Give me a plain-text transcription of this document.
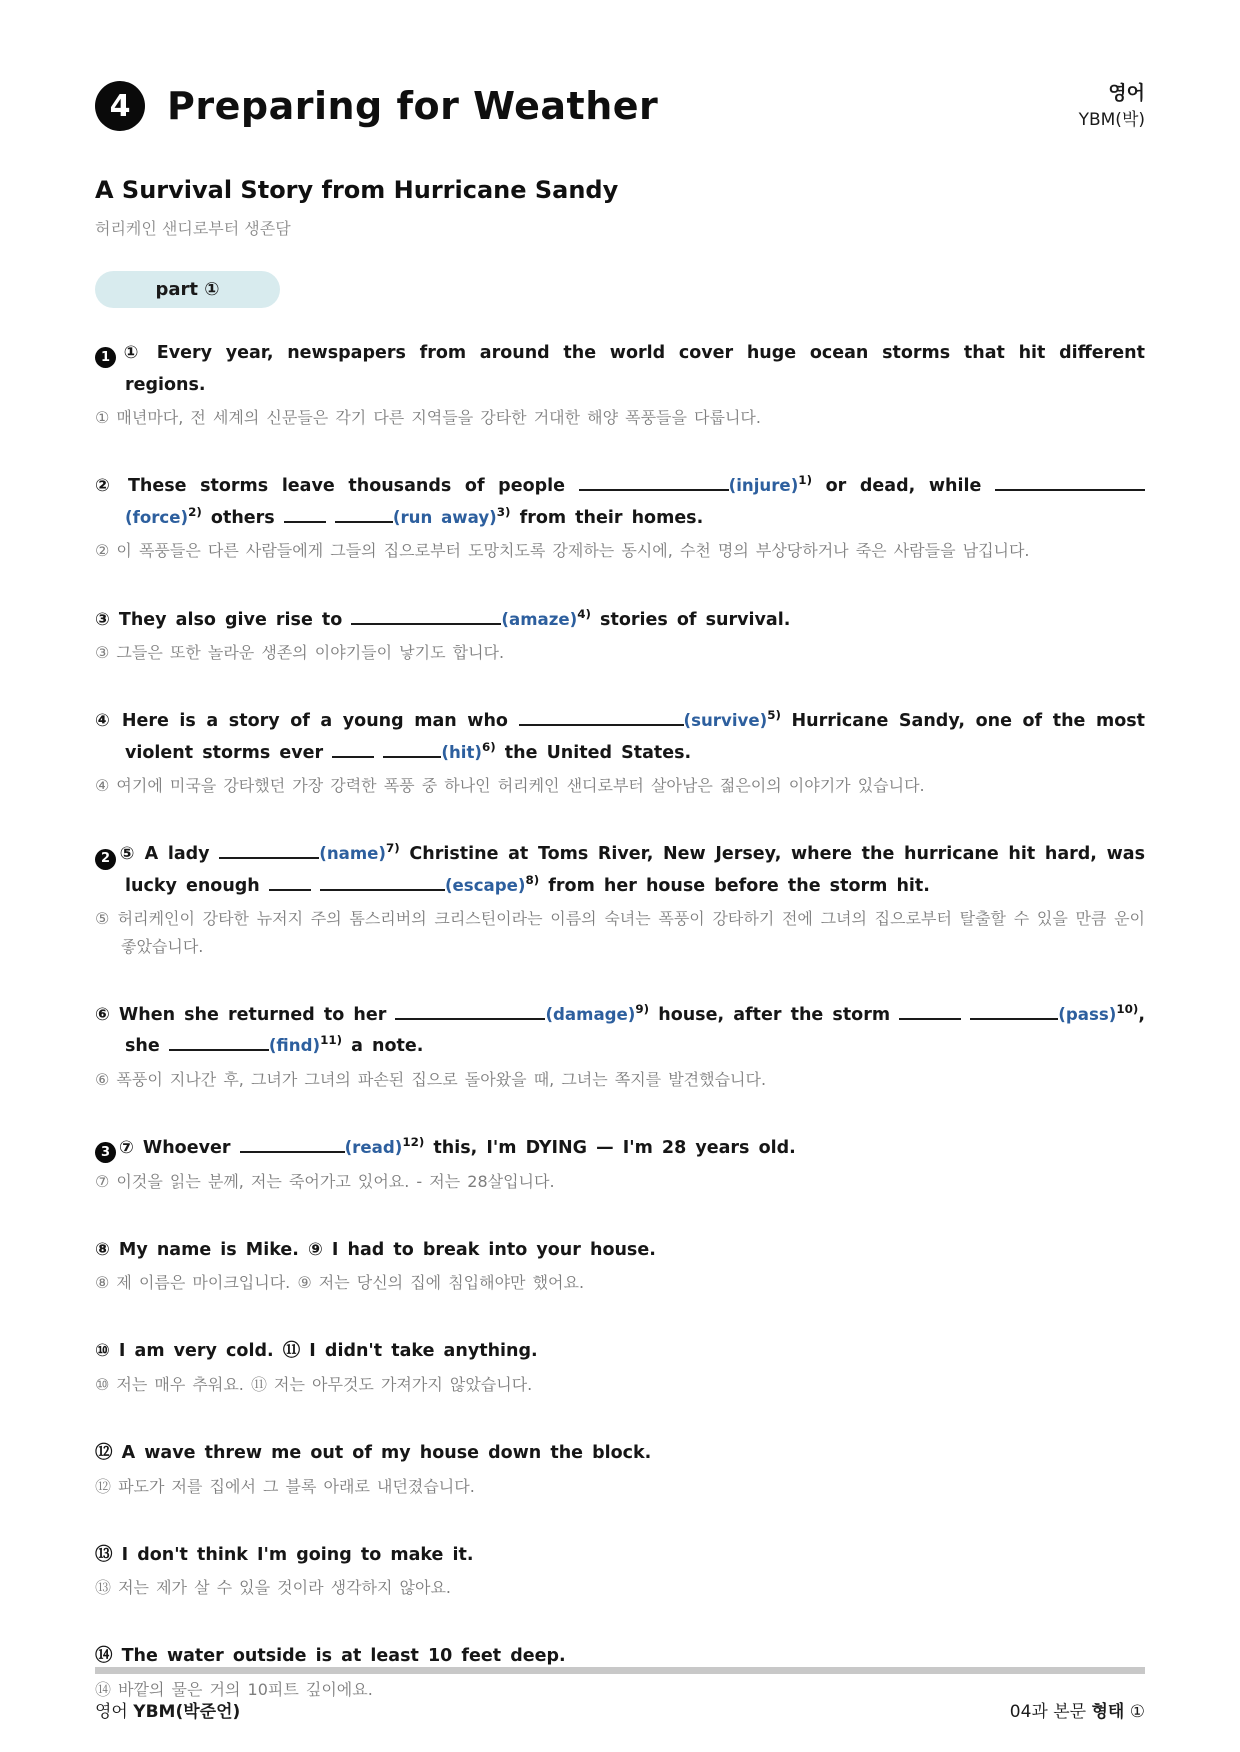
4 Preparing for Weather	영어
YBM(박)
A Survival Story from Hurricane Sandy
허리케인 샌디로부터 생존담
part ①
1 ① Every year, newspapers from around the world cover huge ocean storms that hit different regions.
① 매년마다, 전 세계의 신문들은 각기 다른 지역들을 강타한 거대한 해양 폭풍들을 다룹니다.
② These storms leave thousands of people	(injure)$^{1)}$ or dead, while  (force)$^{2)}$ others	(run away)$^{3)}$ from their homes.
② 이 폭풍들은 다른 사람들에게 그들의 집으로부터 도망치도록 강제하는 동시에, 수천 명의 부상당하거나 죽은 사람들을 남깁니다.
③ They also give rise to	(amaze)$^{4)}$ stories of survival.
③ 그들은 또한 놀라운 생존의 이야기들이 낳기도 합니다.
④ Here is a story of a young man who	(survive)$^{5)}$ Hurricane Sandy, one of the most violent storms ever	(hit)$^{6)}$ the United States.
④ 여기에 미국을 강타했던 가장 강력한 폭풍 중 하나인 허리케인 샌디로부터 살아남은 젊은이의 이야기가 있습니다.
2 ⑤ A lady	(name)$^{7)}$ Christine at Toms River, New Jersey, where the hurricane hit hard, was lucky enough	(escape)$^{8)}$ from her house before the storm hit.
⑤ 허리케인이 강타한 뉴저지 주의 톰스리버의 크리스틴이라는 이름의 숙녀는 폭풍이 강타하기 전에 그녀의 집으로부터 탈출할 수 있을 만큼 운이 좋았습니다.
⑥ When she returned to her	(damage)$^{9)}$ house, after the storm	(pass)$^{10)}$, she	(find)$^{11)}$ a note.
⑥ 폭풍이 지나간 후, 그녀가 그녀의 파손된 집으로 돌아왔을 때, 그녀는 쪽지를 발견했습니다.
3 ⑦ Whoever	(read)$^{12)}$ this, I'm DYING — I'm 28 years old.
⑦ 이것을 읽는 분께, 저는 죽어가고 있어요. - 저는 28살입니다.
⑧ My name is Mike. ⑨ I had to break into your house.
⑧ 제 이름은 마이크입니다. ⑨ 저는 당신의 집에 침입해야만 했어요.
⑩ I am very cold. ⑪ I didn't take anything.
⑩ 저는 매우 추워요. ⑪ 저는 아무것도 가져가지 않았습니다.
⑫ A wave threw me out of my house down the block.
⑫ 파도가 저를 집에서 그 블록 아래로 내던졌습니다.
⑬ I don't think I'm going to make it.
⑬ 저는 제가 살 수 있을 것이라 생각하지 않아요.
⑭ The water outside is at least 10 feet deep.
⑭ 바깥의 물은 거의 10피트 깊이에요.
영어 YBM(박준언)	04과 본문 형태 ①
